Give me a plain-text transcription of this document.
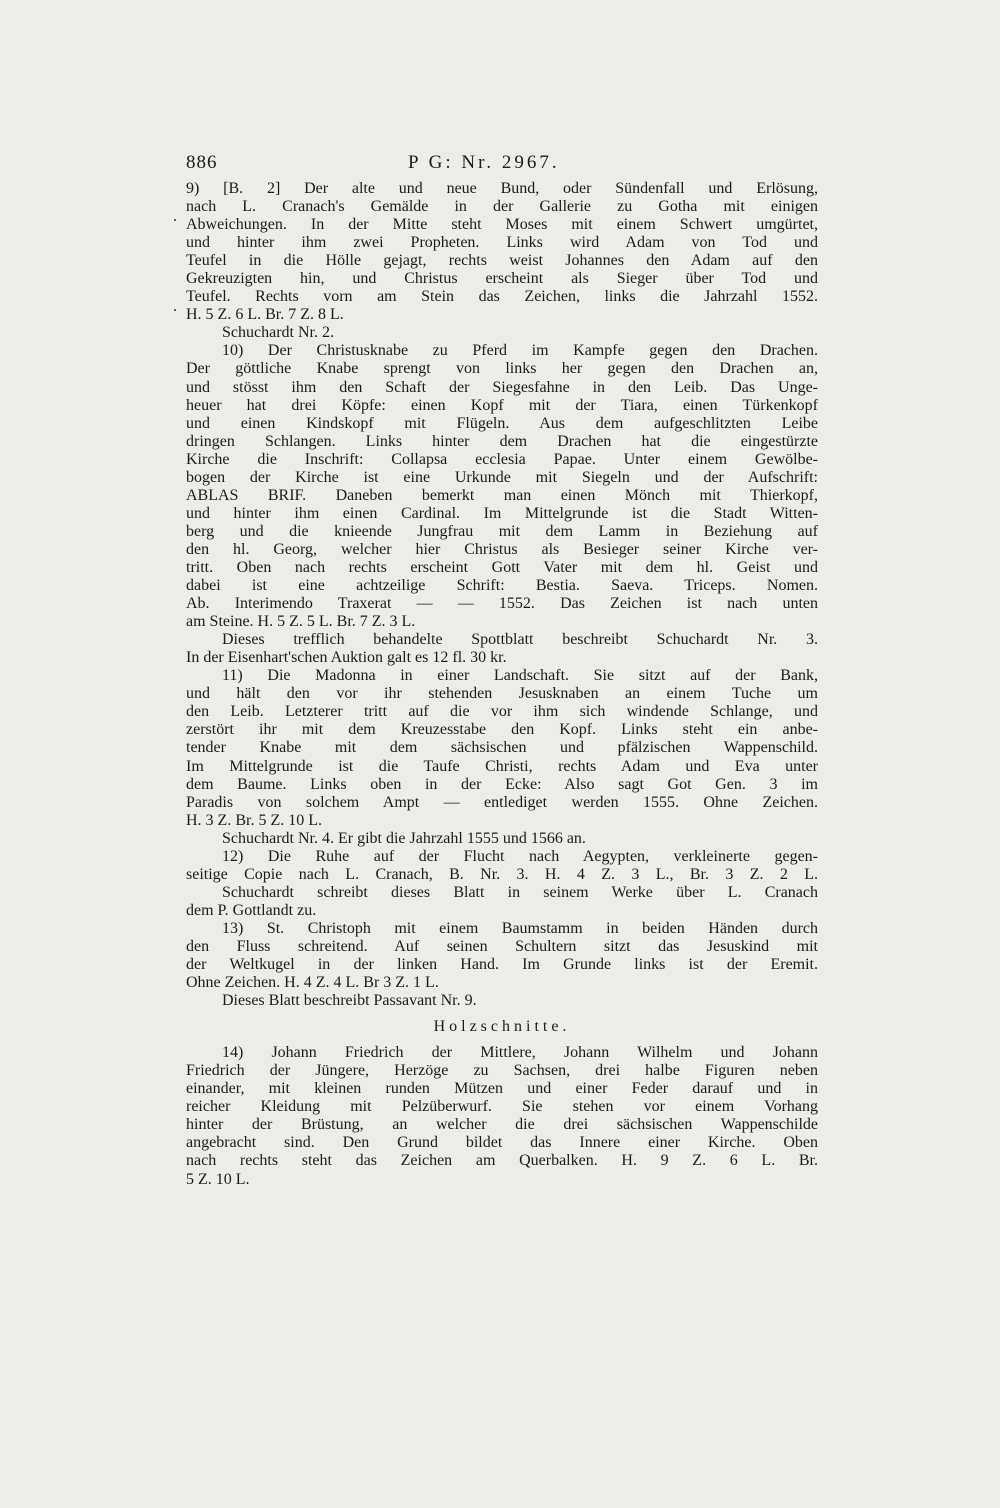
886	P G: Nr. 2967.
.
.
9) [B. 2] Der alte und neue Bund, oder Sündenfall und Erlösung,
nach L. Cranach's Gemälde in der Gallerie zu Gotha mit einigen
Abweichungen. In der Mitte steht Moses mit einem Schwert umgürtet,
und hinter ihm zwei Propheten. Links wird Adam von Tod und
Teufel in die Hölle gejagt, rechts weist Johannes den Adam auf den
Gekreuzigten hin, und Christus erscheint als Sieger über Tod und
Teufel. Rechts vorn am Stein das Zeichen, links die Jahrzahl 1552.
H. 5 Z. 6 L. Br. 7 Z. 8 L.
Schuchardt Nr. 2.
10) Der Christusknabe zu Pferd im Kampfe gegen den Drachen.
Der göttliche Knabe sprengt von links her gegen den Drachen an,
und stösst ihm den Schaft der Siegesfahne in den Leib. Das Unge-
heuer hat drei Köpfe: einen Kopf mit der Tiara, einen Türkenkopf
und einen Kindskopf mit Flügeln. Aus dem aufgeschlitzten Leibe
dringen Schlangen. Links hinter dem Drachen hat die eingestürzte
Kirche die Inschrift: Collapsa ecclesia Papae. Unter einem Gewölbe-
bogen der Kirche ist eine Urkunde mit Siegeln und der Aufschrift:
ABLAS BRIF. Daneben bemerkt man einen Mönch mit Thierkopf,
und hinter ihm einen Cardinal. Im Mittelgrunde ist die Stadt Witten-
berg und die knieende Jungfrau mit dem Lamm in Beziehung auf
den hl. Georg, welcher hier Christus als Besieger seiner Kirche ver-
tritt. Oben nach rechts erscheint Gott Vater mit dem hl. Geist und
dabei ist eine achtzeilige Schrift: Bestia. Saeva. Triceps. Nomen.
Ab. Interimendo Traxerat — — 1552. Das Zeichen ist nach unten
am Steine. H. 5 Z. 5 L. Br. 7 Z. 3 L.
Dieses trefflich behandelte Spottblatt beschreibt Schuchardt Nr. 3.
In der Eisenhart'schen Auktion galt es 12 fl. 30 kr.
11) Die Madonna in einer Landschaft. Sie sitzt auf der Bank,
und hält den vor ihr stehenden Jesusknaben an einem Tuche um
den Leib. Letzterer tritt auf die vor ihm sich windende Schlange, und
zerstört ihr mit dem Kreuzesstabe den Kopf. Links steht ein anbe-
tender Knabe mit dem sächsischen und pfälzischen Wappenschild.
Im Mittelgrunde ist die Taufe Christi, rechts Adam und Eva unter
dem Baume. Links oben in der Ecke: Also sagt Got Gen. 3 im
Paradis von solchem Ampt — entlediget werden 1555. Ohne Zeichen.
H. 3 Z. Br. 5 Z. 10 L.
Schuchardt Nr. 4. Er gibt die Jahrzahl 1555 und 1566 an.
12) Die Ruhe auf der Flucht nach Aegypten, verkleinerte gegen-
seitige Copie nach L. Cranach, B. Nr. 3. H. 4 Z. 3 L., Br. 3 Z. 2 L.
Schuchardt schreibt dieses Blatt in seinem Werke über L. Cranach
dem P. Gottlandt zu.
13) St. Christoph mit einem Baumstamm in beiden Händen durch
den Fluss schreitend. Auf seinen Schultern sitzt das Jesuskind mit
der Weltkugel in der linken Hand. Im Grunde links ist der Eremit.
Ohne Zeichen. H. 4 Z. 4 L. Br 3 Z. 1 L.
Dieses Blatt beschreibt Passavant Nr. 9.
Holzschnitte.
14) Johann Friedrich der Mittlere, Johann Wilhelm und Johann
Friedrich der Jüngere, Herzöge zu Sachsen, drei halbe Figuren neben
einander, mit kleinen runden Mützen und einer Feder darauf und in
reicher Kleidung mit Pelzüberwurf. Sie stehen vor einem Vorhang
hinter der Brüstung, an welcher die drei sächsischen Wappenschilde
angebracht sind. Den Grund bildet das Innere einer Kirche. Oben
nach rechts steht das Zeichen am Querbalken. H. 9 Z. 6 L. Br.
5 Z. 10 L.
